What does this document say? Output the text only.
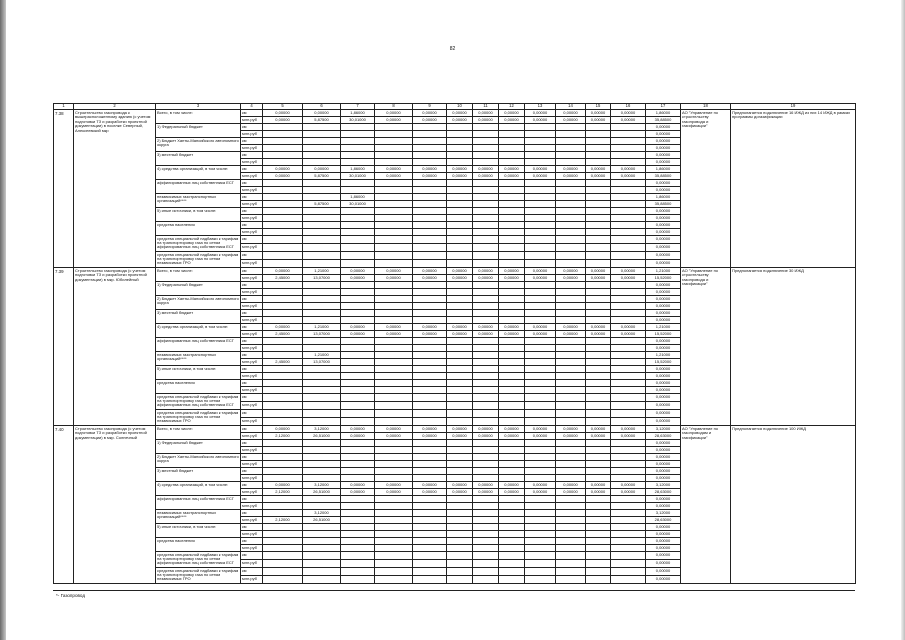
82
1	2	3	4	5	6	7	8	9	10	11	12	13	14	15	16	17	18	19
7.38	Строительство газопровода к вышерасположенному зданию (с учетом подготовки ТЗ и разработки проектной документации) в поселке Северный, Алексеевский мкр	Всего, в том числе:	км	0,00000	0,00000	1,86000	0,00000	0,00000	0,00000	0,00000	0,00000	0,00000	0,00000	0,00000	0,00000	1,86000	АО "Управление по строительству газопровода и газификации"	Предполагается подключение 16 ИЖД из них 14 ИЖД в рамках программы догазификации
			млн.руб	0,00000	5,87500	30,01000	0,00000	0,00000	0,00000	0,00000	0,00000	0,00000	0,00000	0,00000	0,00000	35,88500		
		1) Федеральный бюджет	км													0,00000		
			млн.руб													0,00000		
		2) Бюджет Ханты-Мансийского автономного округа	км													0,00000		
			млн.руб													0,00000		
		3) местный бюджет	км													0,00000		
			млн.руб													0,00000		
		4) средства организаций, в том числе:	км	0,00000	0,00000	1,86000	0,00000	0,00000	0,00000	0,00000	0,00000	0,00000	0,00000	0,00000	0,00000	1,86000		
			млн.руб	0,00000	5,87500	30,01000	0,00000	0,00000	0,00000	0,00000	0,00000	0,00000	0,00000	0,00000	0,00000	35,88500		
		аффилированных лиц собственника ЕСГ	км													0,00000		
			млн.руб													0,00000		
		независимых газотранспортных организаций****	км			1,86000										1,86000		
			млн.руб		5,87500	30,01000										35,88500		
		5) иные источники, в том числе:	км													0,00000		
			млн.руб													0,00000		
		средства населения	км													0,00000		
			млн.руб													0,00000		
		средства специальной надбавки к тарифам на транспортировку газа по сетям аффилированных лиц собственника ЕСГ	км													0,00000		
			млн.руб													0,00000		
		средства специальной надбавки к тарифам на транспортировку газа по сетям независимых ГРО	км													0,00000		
			млн.руб													0,00000		
7.39	Строительство газопровода (с учетом подготовки ТЗ и разработки проектной документации) в мкр. Юбилейный	Всего, в том числе:	км	0,00000	1,21000	0,00000	0,00000	0,00000	0,00000	0,00000	0,00000	0,00000	0,00000	0,00000	0,00000	1,21000	АО "Управление по строительству газопровода и газификации"	Предполагается подключение 30 ИЖД
			млн.руб	2,45000	13,07000	0,00000	0,00000	0,00000	0,00000	0,00000	0,00000	0,00000	0,00000	0,00000	0,00000	15,52000		
		1) Федеральный бюджет	км													0,00000		
			млн.руб													0,00000		
		2) Бюджет Ханты-Мансийского автономного округа	км													0,00000		
			млн.руб													0,00000		
		3) местный бюджет	км													0,00000		
			млн.руб													0,00000		
		4) средства организаций, в том числе:	км	0,00000	1,21000	0,00000	0,00000	0,00000	0,00000	0,00000	0,00000	0,00000	0,00000	0,00000	0,00000	1,21000		
			млн.руб	2,45000	13,07000	0,00000	0,00000	0,00000	0,00000	0,00000	0,00000	0,00000	0,00000	0,00000	0,00000	15,52000		
		аффилированных лиц собственника ЕСГ	км													0,00000		
			млн.руб													0,00000		
		независимых газотранспортных организаций****	км		1,21000											1,21000		
			млн.руб	2,45000	13,07000											15,52000		
		5) иные источники, в том числе:	км													0,00000		
			млн.руб													0,00000		
		средства населения	км													0,00000		
			млн.руб													0,00000		
		средства специальной надбавки к тарифам на транспортировку газа по сетям аффилированных лиц собственника ЕСГ	км													0,00000		
			млн.руб													0,00000		
		средства специальной надбавки к тарифам на транспортировку газа по сетям независимых ГРО	км													0,00000		
			млн.руб													0,00000		
7.40	Строительство газопровода (с учетом подготовки ТЗ и разработки проектной документации) в мкр. Солнечный	Всего, в том числе:	км	0,00000	3,12000	0,00000	0,00000	0,00000	0,00000	0,00000	0,00000	0,00000	0,00000	0,00000	0,00000	3,12000	АО "Управление по газопроводам и газификации"	Предполагается подключение 100 ИЖД
			млн.руб	2,12000	26,51000	0,00000	0,00000	0,00000	0,00000	0,00000	0,00000	0,00000	0,00000	0,00000	0,00000	28,63000		
		1) Федеральный бюджет	км													0,00000		
			млн.руб													0,00000		
		2) Бюджет Ханты-Мансийского автономного округа	км													0,00000		
			млн.руб													0,00000		
		3) местный бюджет	км													0,00000		
			млн.руб													0,00000		
		4) средства организаций, в том числе:	км	0,00000	3,12000	0,00000	0,00000	0,00000	0,00000	0,00000	0,00000	0,00000	0,00000	0,00000	0,00000	3,12000		
			млн.руб	2,12000	26,51000	0,00000	0,00000	0,00000	0,00000	0,00000	0,00000	0,00000	0,00000	0,00000	0,00000	28,63000		
		аффилированных лиц собственника ЕСГ	км													0,00000		
			млн.руб													0,00000		
		независимых газотранспортных организаций****	км		3,12000											3,12000		
			млн.руб	2,12000	26,51000											28,63000		
		5) иные источники, в том числе:	км													0,00000		
			млн.руб													0,00000		
		средства населения	км													0,00000		
			млн.руб													0,00000		
		средства специальной надбавки к тарифам на транспортировку газа по сетям аффилированных лиц собственника ЕСГ	км													0,00000		
			млн.руб													0,00000		
		средства специальной надбавки к тарифам на транспортировку газа по сетям независимых ГРО	км													0,00000		
			млн.руб													0,00000		
*- Газопровод
